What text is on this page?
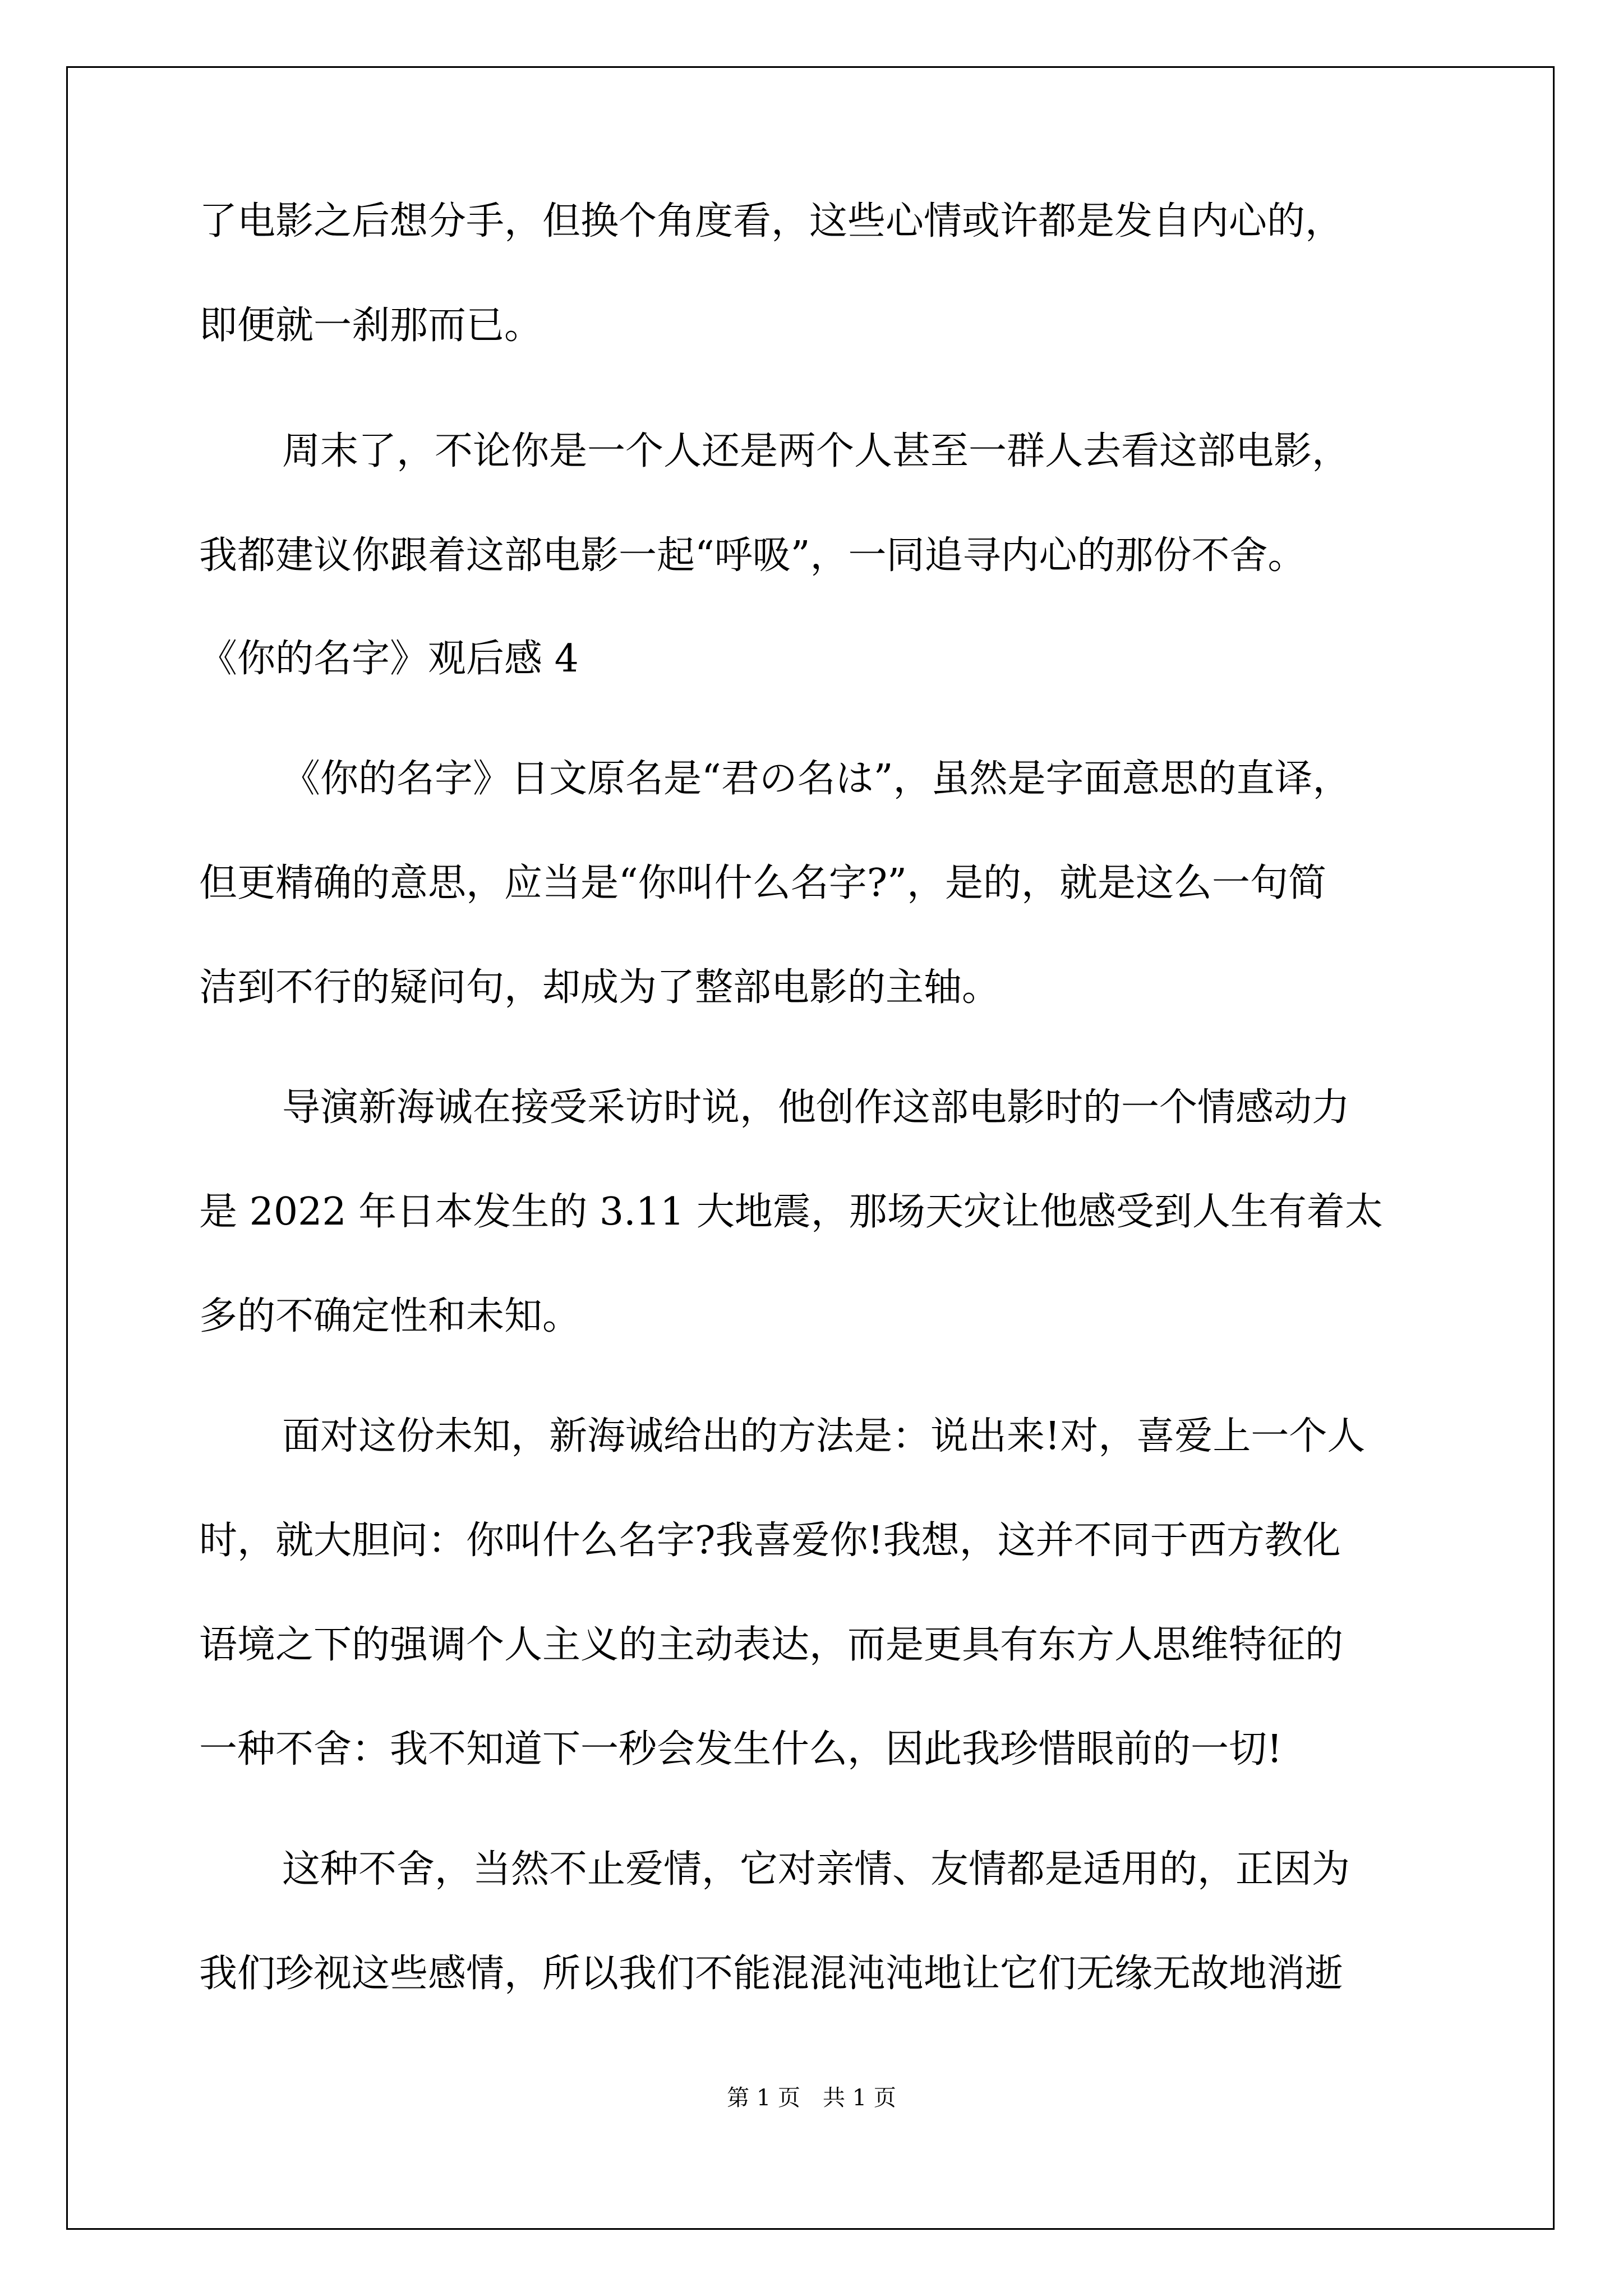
了电影之后想分手，但换个角度看，这些心情或许都是发自内心的，
即便就一刹那而已。
周末了，不论你是一个人还是两个人甚至一群人去看这部电影，
我都建议你跟着这部电影一起“呼吸”，一同追寻内心的那份不舍。
《你的名字》观后感 4
《你的名字》日文原名是“君の名は”，虽然是字面意思的直译，
但更精确的意思，应当是“你叫什么名字?”，是的，就是这么一句简
洁到不行的疑问句，却成为了整部电影的主轴。
导演新海诚在接受采访时说，他创作这部电影时的一个情感动力
是 2022 年日本发生的 3.11 大地震，那场天灾让他感受到人生有着太
多的不确定性和未知。
面对这份未知，新海诚给出的方法是：说出来!对，喜爱上一个人
时，就大胆问：你叫什么名字?我喜爱你!我想，这并不同于西方教化
语境之下的强调个人主义的主动表达，而是更具有东方人思维特征的
一种不舍：我不知道下一秒会发生什么，因此我珍惜眼前的一切!
这种不舍，当然不止爱情，它对亲情、友情都是适用的，正因为
我们珍视这些感情，所以我们不能混混沌沌地让它们无缘无故地消逝
第 1 页　共 1 页
